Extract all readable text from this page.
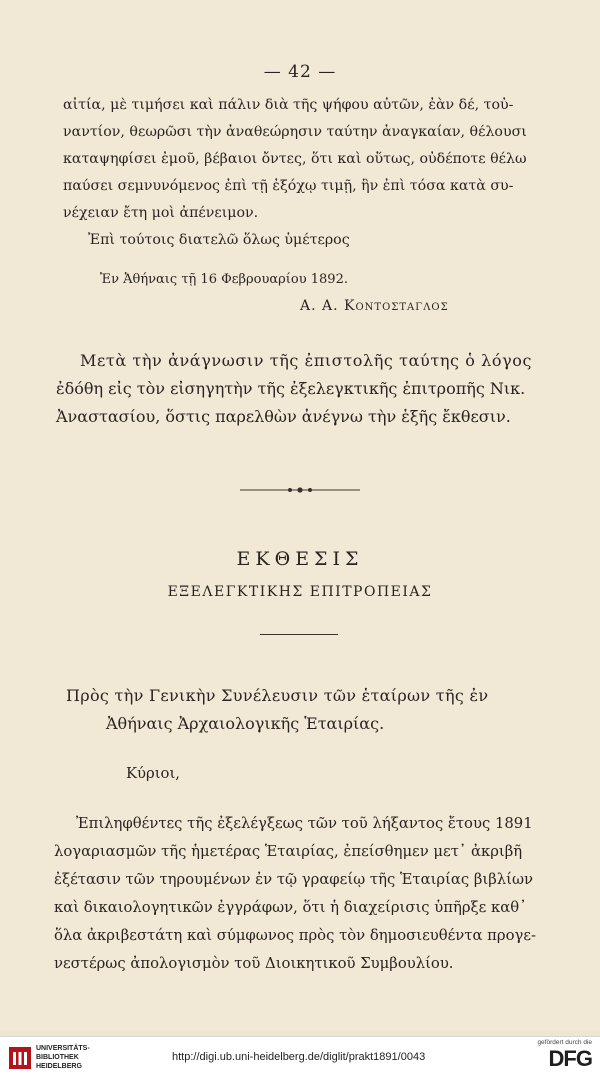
— 42 —
αἰτία, μὲ τιμήσει καὶ πάλιν διὰ τῆς ψήφου αὐτῶν, ἐὰν δέ, τοὐ-
ναντίον, θεωρῶσι τὴν ἀναθεώρησιν ταύτην ἀναγκαίαν, θέλουσι
καταψηφίσει ἐμοῦ, βέβαιοι ὄντες, ὅτι καὶ οὕτως, οὐδέποτε θέλω
παύσει σεμνυνόμενος ἐπὶ τῇ ἐξόχῳ τιμῇ, ἣν ἐπὶ τόσα κατὰ συ-
νέχειαν ἔτη μοὶ ἀπένειμον.
Ἐπὶ τούτοις διατελῶ ὅλως ὑμέτερος
Ἐν Ἀθήναις τῇ 16 Φεβρουαρίου 1892.
Α. Α. Κοντοσταγλοσ
Μετὰ τὴν ἀνάγνωσιν τῆς ἐπιστολῆς ταύτης ὁ λόγος
ἐδόθη εἰς τὸν εἰσηγητὴν τῆς ἐξελεγκτικῆς ἐπιτροπῆς Νικ.
Ἀναστασίου, ὅστις παρελθὼν ἀνέγνω τὴν ἑξῆς ἔκθεσιν.
ΕΚΘΕΣΙΣ
ΕΞΕΛΕΓΚΤΙΚΗΣ ΕΠΙΤΡΟΠΕΙΑΣ
Πρὸς τὴν Γενικὴν Συνέλευσιν τῶν ἑταίρων τῆς ἐν
Ἀθήναις Ἀρχαιολογικῆς Ἑταιρίας.
Κύριοι,
Ἐπιληφθέντες τῆς ἐξελέγξεως τῶν τοῦ λήξαντος ἔτους 1891
λογαριασμῶν τῆς ἡμετέρας Ἑταιρίας, ἐπείσθημεν μετ᾽ ἀκριβῆ
ἐξέτασιν τῶν τηρουμένων ἐν τῷ γραφείῳ τῆς Ἑταιρίας βιβλίων
καὶ δικαιολογητικῶν ἐγγράφων, ὅτι ἡ διαχείρισις ὑπῆρξε καθ᾽
ὅλα ἀκριβεστάτη καὶ σύμφωνος πρὸς τὸν δημοσιευθέντα προγε-
νεστέρως ἀπολογισμὸν τοῦ Διοικητικοῦ Συμβουλίου.
UNIVERSITÄTS-
BIBLIOTHEK
HEIDELBERG
http://digi.ub.uni-heidelberg.de/diglit/prakt1891/0043
gefördert durch die
DFG
